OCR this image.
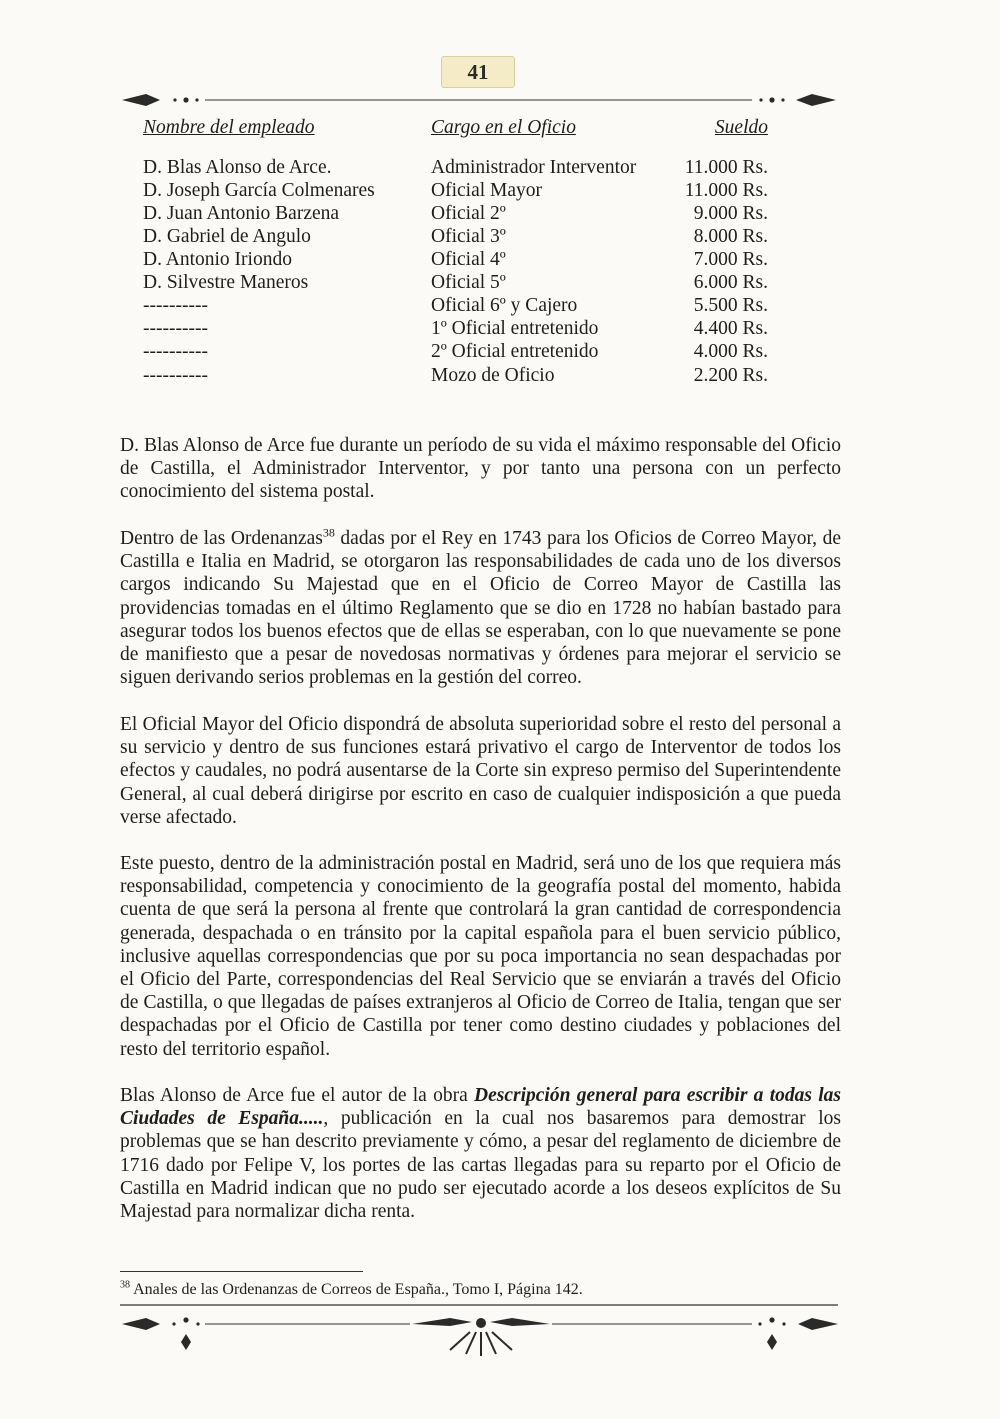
41
Nombre del empleado	Cargo en el Oficio	Sueldo
D. Blas Alonso de Arce.	Administrador Interventor	11.000 Rs.
D. Joseph García Colmenares	Oficial Mayor	11.000 Rs.
D. Juan Antonio Barzena	Oficial 2º	9.000 Rs.
D. Gabriel de Angulo	Oficial 3º	8.000 Rs.
D. Antonio Iriondo	Oficial 4º	7.000 Rs.
D. Silvestre Maneros	Oficial 5º	6.000 Rs.
----------	Oficial 6º y Cajero	5.500 Rs.
----------	1º Oficial entretenido	4.400 Rs.
----------	2º Oficial entretenido	4.000 Rs.
----------	Mozo de Oficio	2.200 Rs.

D. Blas Alonso de Arce fue durante un período de su vida el máximo responsable del Oficio de Castilla, el Administrador Interventor, y por tanto una persona con un perfecto conocimiento del sistema postal.

Dentro de las Ordenanzas$^{38}$ dadas por el Rey en 1743 para los Oficios de Correo Mayor, de Castilla e Italia en Madrid, se otorgaron las responsabilidades de cada uno de los diversos cargos indicando Su Majestad que en el Oficio de Correo Mayor de Castilla las providencias tomadas en el último Reglamento que se dio en 1728 no habían bastado para asegurar todos los buenos efectos que de ellas se esperaban, con lo que nuevamente se pone de manifiesto que a pesar de novedosas normativas y órdenes para mejorar el servicio se siguen derivando serios problemas en la gestión del correo.

El Oficial Mayor del Oficio dispondrá de absoluta superioridad sobre el resto del personal a su servicio y dentro de sus funciones estará privativo el cargo de Interventor de todos los efectos y caudales, no podrá ausentarse de la Corte sin expreso permiso del Superintendente General, al cual deberá dirigirse por escrito en caso de cualquier indisposición a que pueda verse afectado.

Este puesto, dentro de la administración postal en Madrid, será uno de los que requiera más responsabilidad, competencia y conocimiento de la geografía postal del momento, habida cuenta de que será la persona al frente que controlará la gran cantidad de correspondencia generada, despachada o en tránsito por la capital española para el buen servicio público, inclusive aquellas correspondencias que por su poca importancia no sean despachadas por el Oficio del Parte, correspondencias del Real Servicio que se enviarán a través del Oficio de Castilla, o que llegadas de países extranjeros al Oficio de Correo de Italia, tengan que ser despachadas por el Oficio de Castilla por tener como destino ciudades y poblaciones del resto del territorio español.

Blas Alonso de Arce fue el autor de la obra Descripción general para escribir a todas las Ciudades de España....., publicación en la cual nos basaremos para demostrar los problemas que se han descrito previamente y cómo, a pesar del reglamento de diciembre de 1716 dado por Felipe V, los portes de las cartas llegadas para su reparto por el Oficio de Castilla en Madrid indican que no pudo ser ejecutado acorde a los deseos explícitos de Su Majestad para normalizar dicha renta.

$^{38}$ Anales de las Ordenanzas de Correos de España., Tomo I, Página 142.
